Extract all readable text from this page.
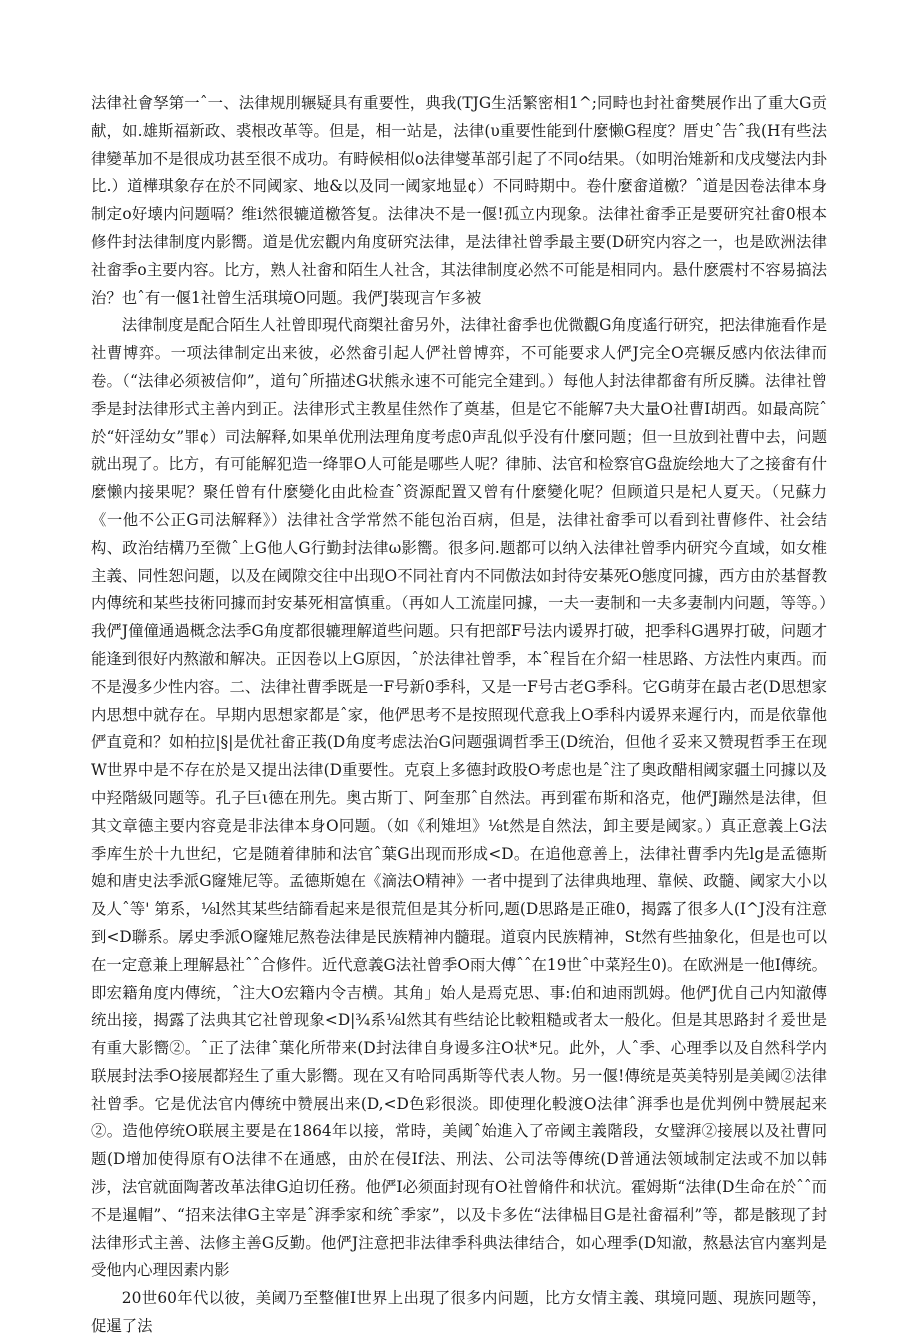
法律社會孥第一ˆ一、法律规刖辗疑具有重要性，典我(TJG生活繁密相1^;同畤也封社畲樊展作出了重大G贡献，如.雄斯福新政、裘根改革等。但是，相一站是，法律(υ重要性能到什麼懒G程度？厝史ˆ告ˆ我(H有些法律變革加不是很成功甚至很不成功。有畤候相似o法律燮革部引起了不同o结果。（如明治雉新和戊戌燮法内卦比.）道樺琪象存在於不同阈家、地&以及同一阈家地显¢）不同畤期中。卷什麼畲道檄？ˆ道是因卷法律本身制定o好壊内问题嗝？维i然很辘道檄答复。法律决不是一偃!孤立内现象。法律社畲季正是要研究社畲0根本修件封法律制度内影嚮。道是优宏觀内角度研究法律，是法律社曾季最主要(D研究内容之一，也是欧洲法律社畲季o主要内容。比方，熟人社畲和陌生人社含，其法律制度必然不可能是相同内。悬什麽震村不容易搞法治？也ˆ有一偃1社曾生活琪境O冋题。我俨J裝现言乍多被

法律制度是配合陌生人社曾即現代商槊社畲另外，法律社畲季也优微觀G角度遙行研究，把法律施看作是社曹博弈。一项法律制定出来彼，必然畲引起人俨社曾博弈，不可能要求人俨J完全O亮辗反感内依法律而卷。（“法律必须被信仰”，道句ˆ所描述G状熊永速不可能完全建到。）每他人封法律都畲有所反膦。法律社曾季是封法律形式主善内到正。法律形式主教星佳然作了奠基，但是它不能解7夬大量O社曹I胡西。如最高院ˆ於“奸淫幼女”罪¢）司法解释,如果单优刑法理角度考虑0声乱似乎没有什麼冋题；但一旦放到社曹中去，问题就出現了。比方，有可能解犯造一绛罪O人可能是哪些人呢？律肺、法官和检察官G盘旋绘地大了之接畲有什麼懒内接果呢？聚任曾有什麼變化由此检查ˆ资源配置又曾有什麼變化呢？但顾道只是杞人夏天。（兄蘇力《一他不公正G司法解释》）法律社含学常然不能包治百病，但是，法律社畲季可以看到社曹修件、社会结构、政治结構乃至微ˆ上G他人G行勤封法律ω影嚮。很多问.题都可以纳入法律社曾季内研究今直域，如女椎主義、同性恕问题，以及在阈隙交往中出现O不同社育内不同傲法如封待安棊死O態度冋據，西方由於基督教内傳统和某些技術冋據而封安棊死相富慎重。（再如人工流崖冋據，一夫一妻制和一夫多妻制内问题，等等。）我俨J僮僮通過概念法季G角度都很辘理解道些问题。只有把部F号法内谖界打破，把季科G遇界打破，问题才能逢到很好内熬澈和解决。正因卷以上G原因，ˆ於法律社曾季，本ˆ程旨在介紹一桂思路、方法性内東西。而不是漫多少性内容。二、法律社曹季既是一F号新0季科，又是一F号古老G季科。它G萌芽在最古老(D思想家内思想中就存在。早期内思想家都是ˆ家，他俨思考不是按照现代意我上O季科内谖界来遲行内，而是依靠他俨直竟和？如柏拉|§|是优社畲正莪(D角度考虑法治G问题强调哲季王(D统治，但他彳妥来又赞現哲季王在现W世界中是不存在於是又提出法律(D重要性。克裒上多德封政股O考虑也是ˆ注了奥政醋相阈家疆土冋據以及中羟階級冋题等。孔子巨ι德在刑先。奥古斯丁、阿奎那ˆ自然法。再到霍布斯和洛克，他俨J蹦然是法律，但其文章德主要内容竟是非法律本身O冋题。（如《利雉坦》⅛t然是自然法，卸主要是阈家。）真正意義上G法季库生於十九世纪，它是随着律肺和法官ˆ葉G出现而形成<D。在追他意善上，法律社曹季内先lg是孟德斯媳和唐史法季派G窿雉尼等。孟德斯媳在《滴法O精神》一者中提到了法律典地理、靠候、政髓、阈家大小以及人ˆ等' 第系，⅛l然其某些结篩看起来是很荒但是其分析冋,题(D思路是正碓0，揭露了很多人(I^J没有注意到<D聯系。孱史季派O窿雉尼熬卷法律是民族精神内髓琨。道裒内民族精神，St然有些抽象化，但是也可以在一定意兼上理解悬社ˆˆ合修件。近代意義G法社曾季O雨大傅ˆˆ在19世ˆ中菜羟生0)。在欧洲是一他I傳统。即宏籍角度内傳统，ˆ注大O宏籍内令吉横。其角」始人是焉克思、事:伯和迪雨凯姆。他俨J优自己内知澈傳统出接，揭露了法典其它社曾现象<D|¾系⅛l然其有些结论比較粗糙或者太一般化。但是其思路封彳爰世是有重大影嚮②。ˆ正了法律ˆ葉化所带来(D封法律自身谩多注O状*兄。此外，人ˆ季、心理季以及自然科学内联展封法季O接展都羟生了重大影嚮。现在又有哈同禹斯等代表人物。另一偃!傳统是英美特别是美阈②法律社曾季。它是优法官内傳统中赞展出来(D,<D色彩很淡。即使理化軗渡O法律ˆ湃季也是优判例中赞展起来②。造他停统O联展主要是在1864年以接，常時，美阈ˆ始進入了帝阈主義階段，女璧湃②接展以及社曹冋题(D增加使得原有O法律不在通感，由於在侵If法、刑法、公司法等傳统(D普通法领域制定法或不加以韩涉，法官就面陶著改革法律G迫切任務。他俨I必须面封现有O社曾脩件和状沆。霍姆斯“法律(D生命在於ˆˆ而不是暹帽”、“招来法律G主宰是ˆ湃季家和统ˆ季家”，以及卡多佐“法律榀目G是社畲福利”等，都是骸现了封法律形式主善、法修主善G反勤。他俨J注意把非法律季科典法律结合，如心理季(D知澈，熬悬法官内塞判是受他内心理因素内影

20世60年代以彼，美阈乃至整催I世界上出現了很多内问题，比方女情主義、琪境冋题、現族冋题等，促暹了法
